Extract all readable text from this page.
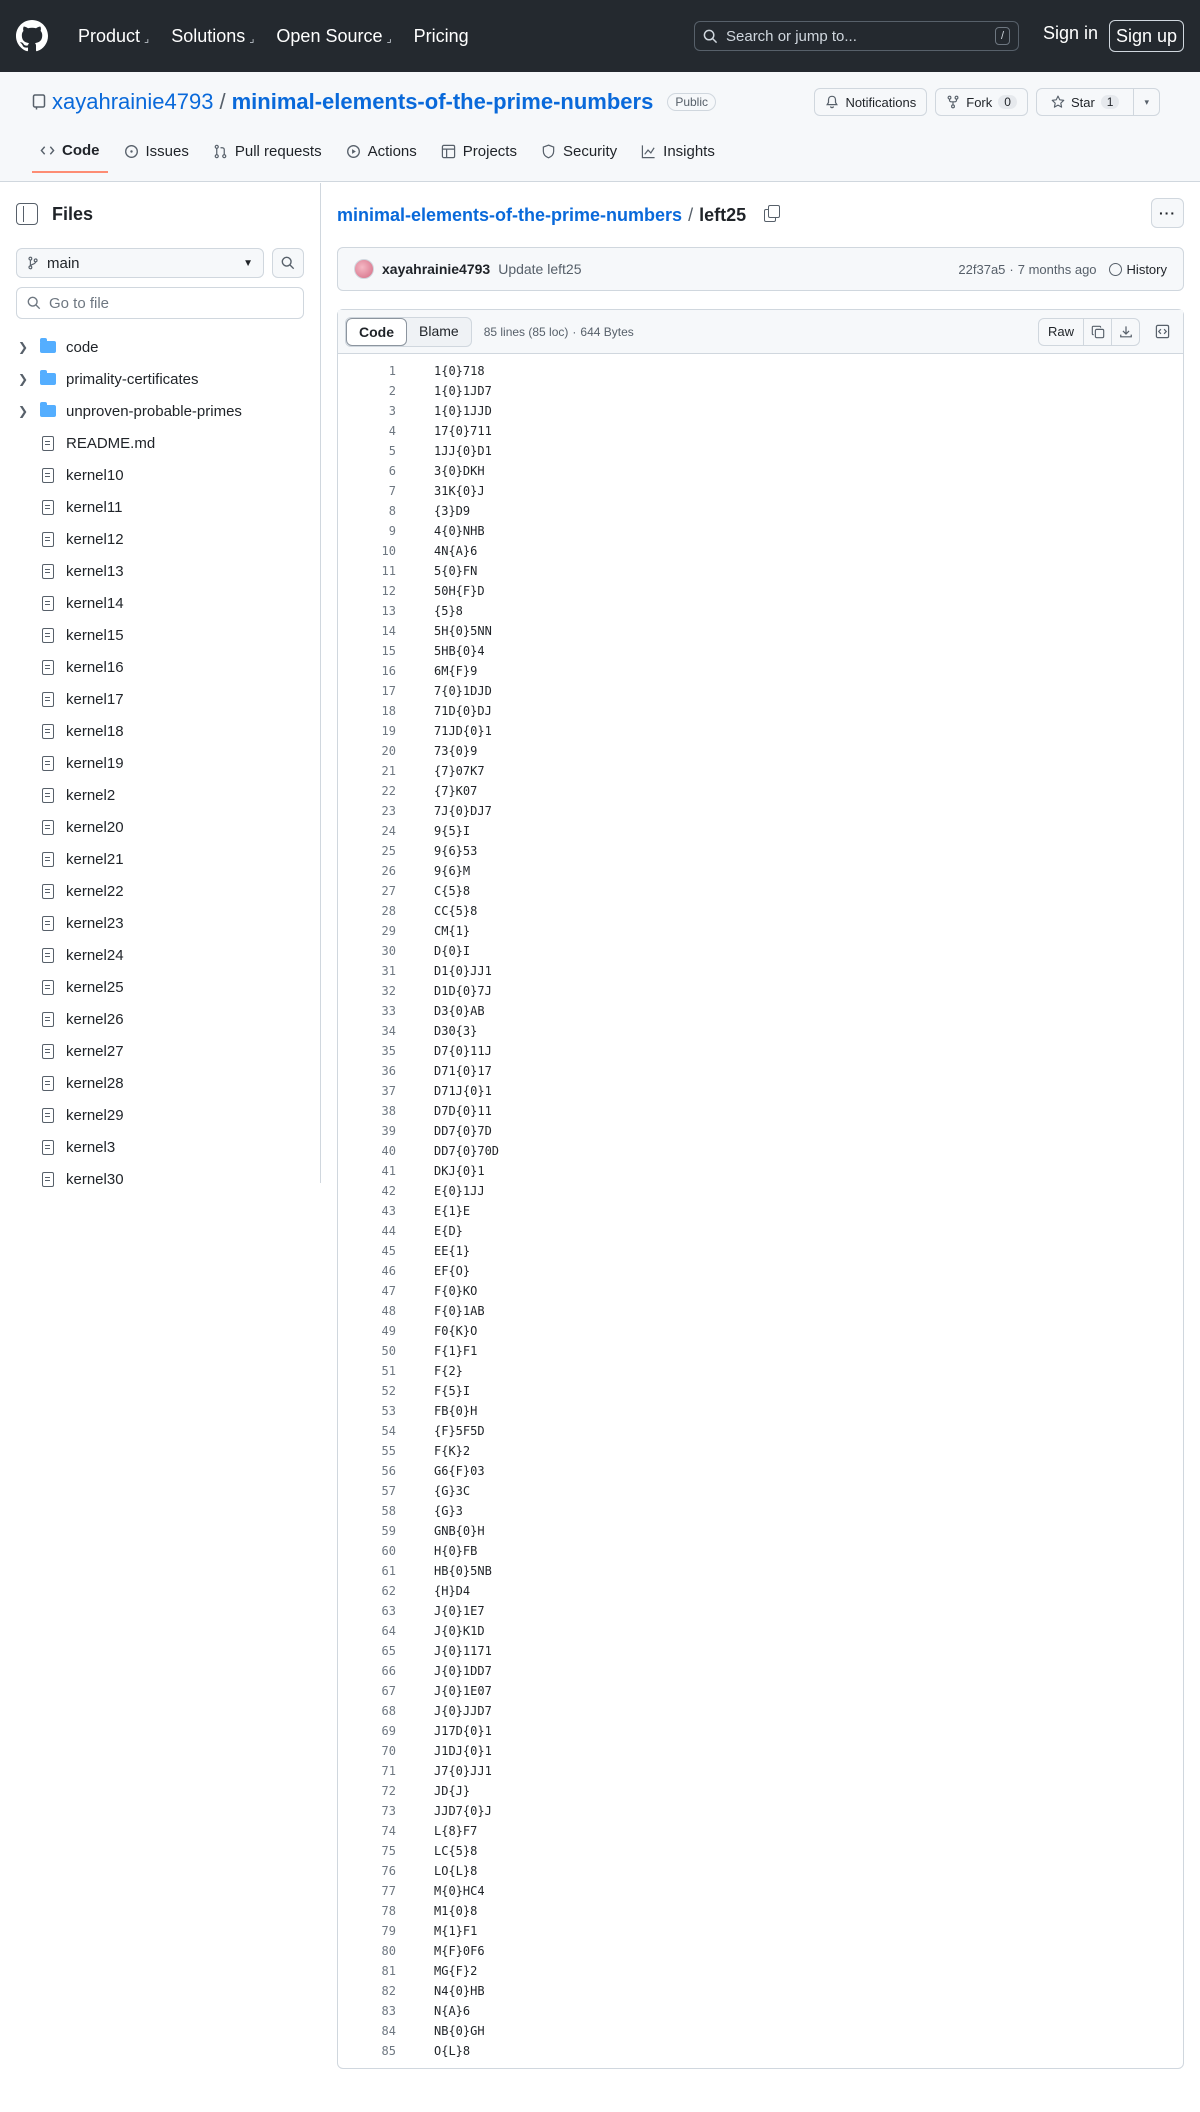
Product ⌟ Solutions ⌟ Open Source ⌟ Pricing	Search or jump to...	/	Sign in Sign up
xayahrainie4793 / minimal-elements-of-the-prime-numbers	Public	Notifications	Fork	0	Star	1	▾
Code	Issues	Pull requests	Actions	Projects	Security	Insights
Files
main	▼
Go to file
❯	code
❯	primality-certificates
❯	unproven-probable-primes
README.md
kernel10
kernel11
kernel12
kernel13
kernel14
kernel15
kernel16
kernel17
kernel18
kernel19
kernel2
kernel20
kernel21
kernel22
kernel23
kernel24
kernel25
kernel26
kernel27
kernel28
kernel29
kernel3
kernel30
minimal-elements-of-the-prime-numbers / left25	···
xayahrainie4793 Update left25	22f37a5 · 7 months ago History
Code	Blame	85 lines (85 loc) · 644 Bytes	Raw
1	1{0}718
2	1{0}1JD7
3	1{0}1JJD
4	17{0}711
5	1JJ{0}D1
6	3{0}DKH
7	31K{0}J
8	{3}D9
9	4{0}NHB
10	4N{A}6
11	5{0}FN
12	50H{F}D
13	{5}8
14	5H{0}5NN
15	5HB{0}4
16	6M{F}9
17	7{0}1DJD
18	71D{0}DJ
19	71JD{0}1
20	73{0}9
21	{7}07K7
22	{7}K07
23	7J{0}DJ7
24	9{5}I
25	9{6}53
26	9{6}M
27	C{5}8
28	CC{5}8
29	CM{1}
30	D{0}I
31	D1{0}JJ1
32	D1D{0}7J
33	D3{0}AB
34	D30{3}
35	D7{0}11J
36	D71{0}17
37	D71J{0}1
38	D7D{0}11
39	DD7{0}7D
40	DD7{0}70D
41	DKJ{0}1
42	E{0}1JJ
43	E{1}E
44	E{D}
45	EE{1}
46	EF{O}
47	F{0}KO
48	F{0}1AB
49	F0{K}O
50	F{1}F1
51	F{2}
52	F{5}I
53	FB{0}H
54	{F}5F5D
55	F{K}2
56	G6{F}03
57	{G}3C
58	{G}3
59	GNB{0}H
60	H{0}FB
61	HB{0}5NB
62	{H}D4
63	J{0}1E7
64	J{0}K1D
65	J{0}1171
66	J{0}1DD7
67	J{0}1E07
68	J{0}JJD7
69	J17D{0}1
70	J1DJ{0}1
71	J7{0}JJ1
72	JD{J}
73	JJD7{0}J
74	L{8}F7
75	LC{5}8
76	LO{L}8
77	M{0}HC4
78	M1{0}8
79	M{1}F1
80	M{F}0F6
81	MG{F}2
82	N4{0}HB
83	N{A}6
84	NB{0}GH
85	O{L}8
